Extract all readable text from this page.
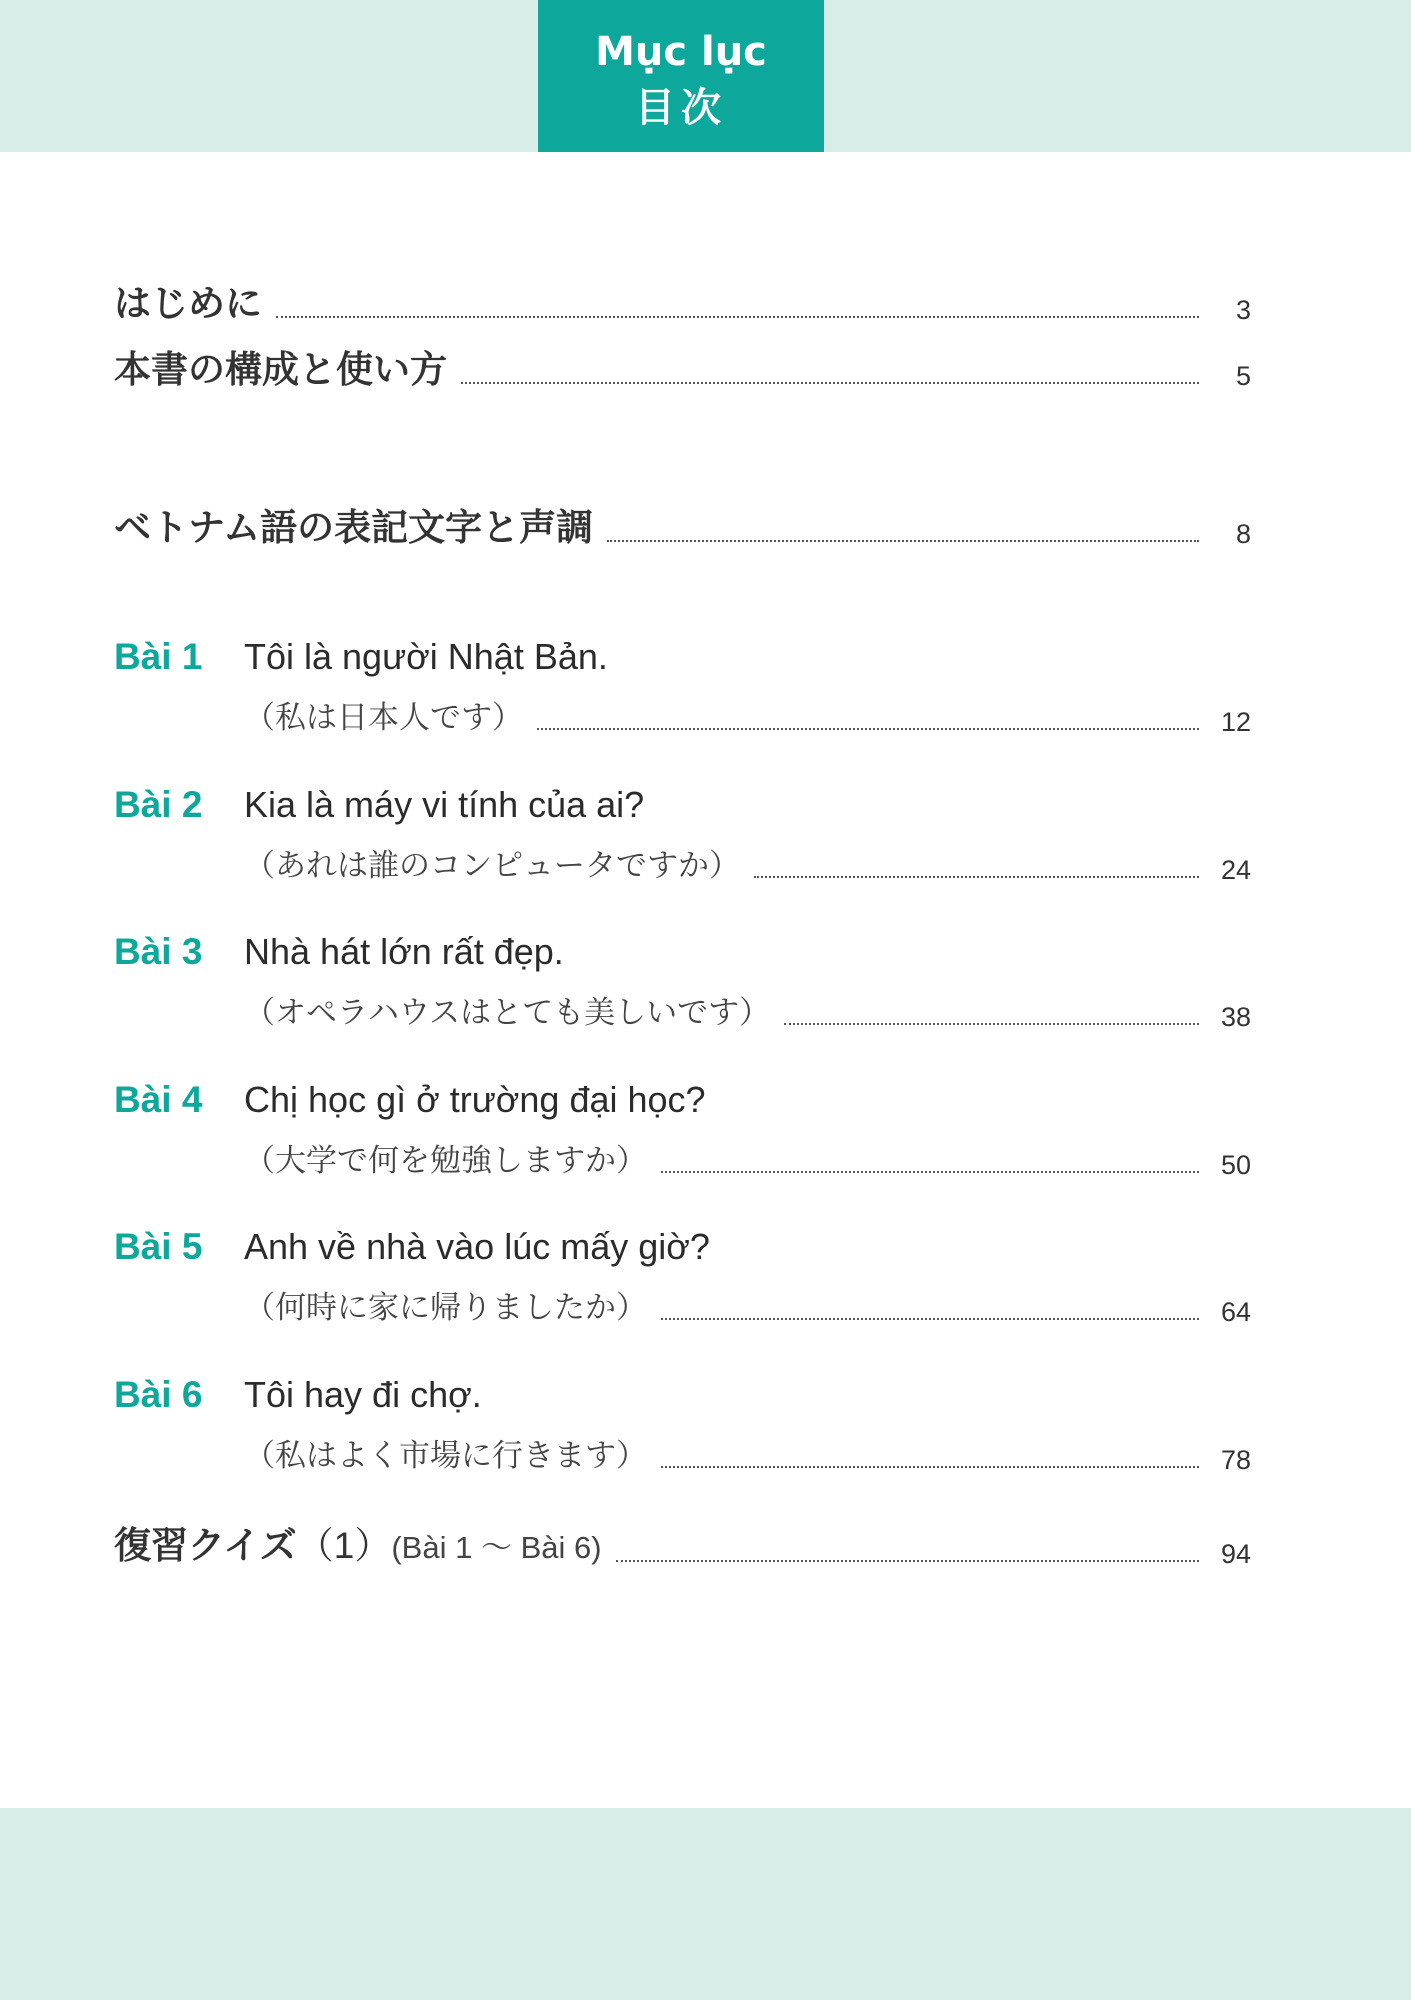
Mục lục
目次
はじめに	3
本書の構成と使い方	5
ベトナム語の表記文字と声調	8
Bài 1	Tôi là người Nhật Bản.
（私は日本人です）	12
Bài 2	Kia là máy vi tính của ai?
（あれは誰のコンピュータですか）	24
Bài 3	Nhà hát lớn rất đẹp.
（オペラハウスはとても美しいです）	38
Bài 4	Chị học gì ở trường đại học?
（大学で何を勉強しますか）	50
Bài 5	Anh về nhà vào lúc mấy giờ?
（何時に家に帰りましたか）	64
Bài 6	Tôi hay đi chợ.
（私はよく市場に行きます）	78
復習クイズ（1）(Bài 1 〜 Bài 6)	94
